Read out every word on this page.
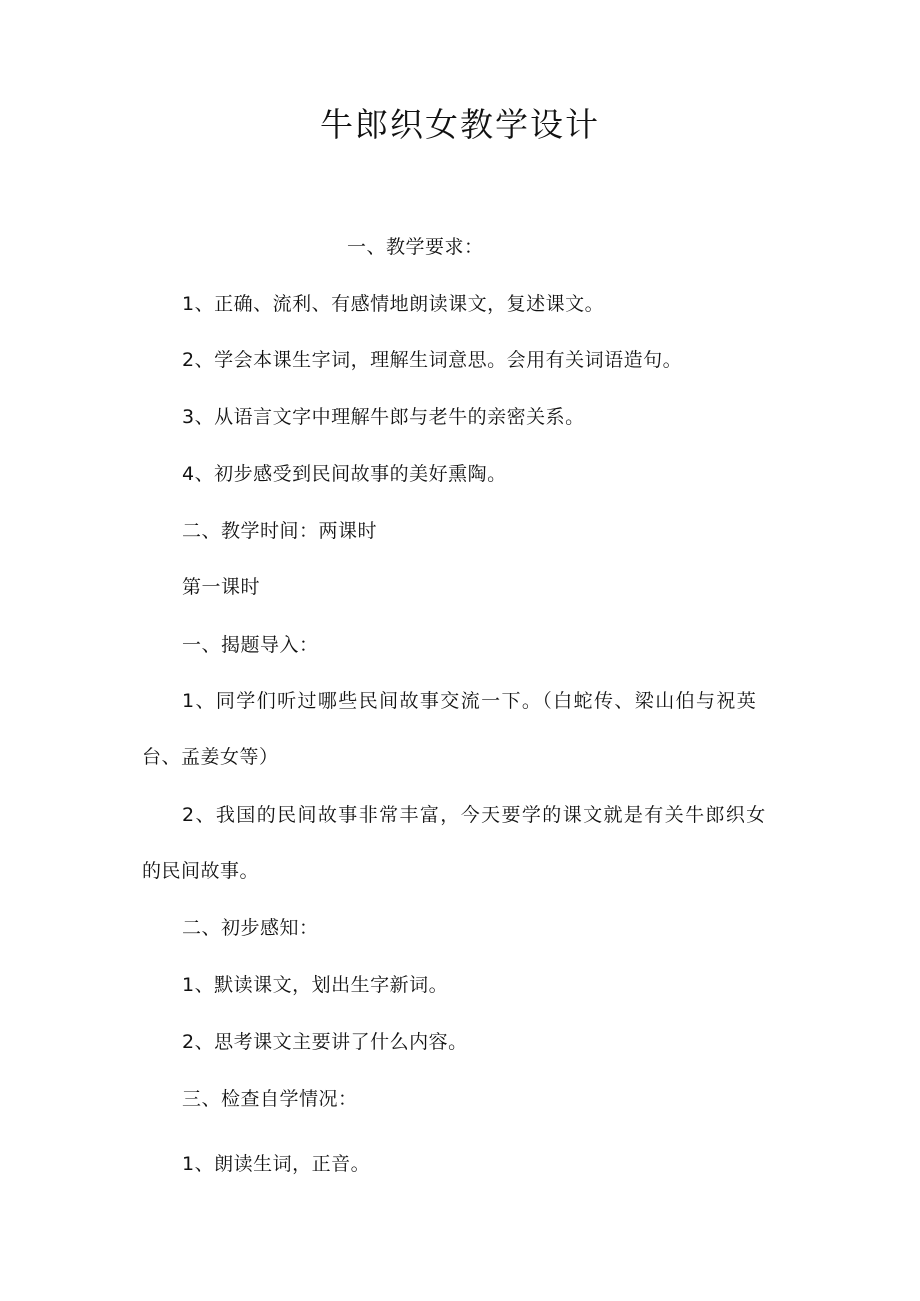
牛郎织女教学设计
一、教学要求：
1、正确、流利、有感情地朗读课文，复述课文。
2、学会本课生字词，理解生词意思。会用有关词语造句。
3、从语言文字中理解牛郎与老牛的亲密关系。
4、初步感受到民间故事的美好熏陶。
二、教学时间：两课时
第一课时
一、揭题导入：
1、同学们听过哪些民间故事交流一下。（白蛇传、梁山伯与祝英
台、孟姜女等）
2、我国的民间故事非常丰富，今天要学的课文就是有关牛郎织女
的民间故事。
二、初步感知：
1、默读课文，划出生字新词。
2、思考课文主要讲了什么内容。
三、检查自学情况：
1、朗读生词，正音。
